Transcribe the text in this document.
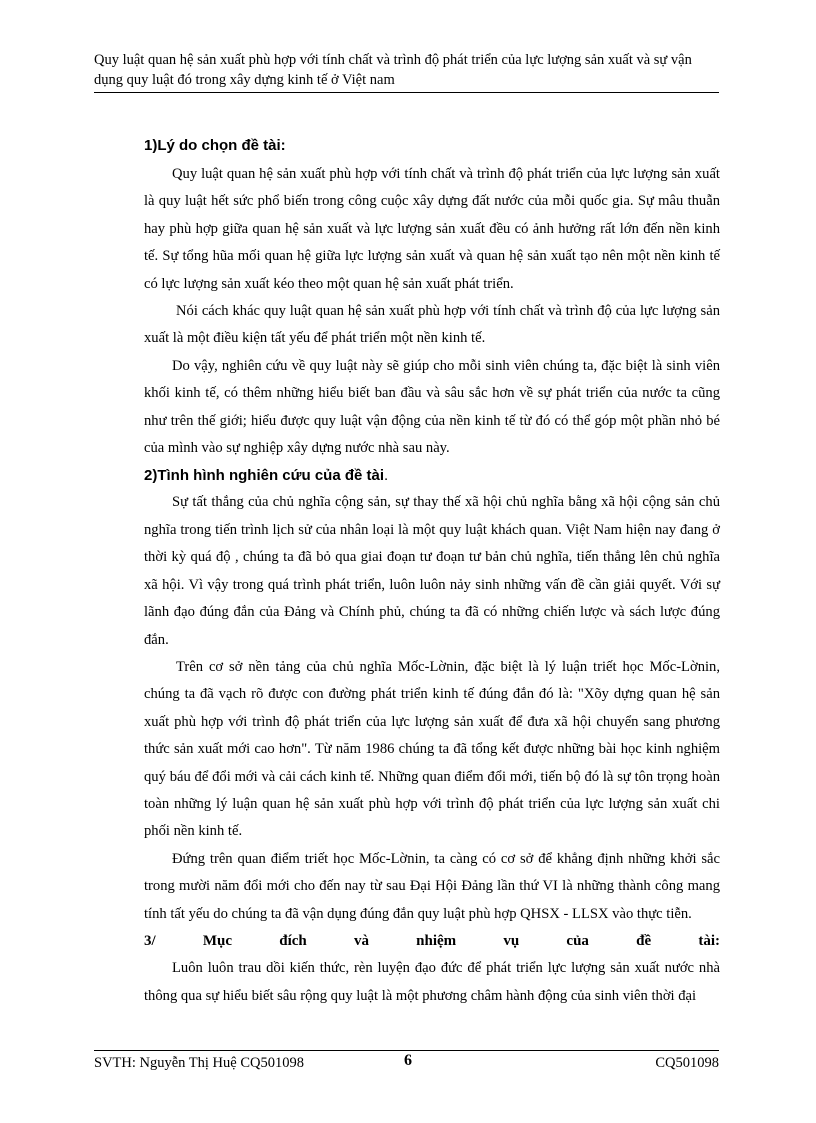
Quy luật quan hệ sản xuất phù hợp với tính chất và trình độ phát triển của lực lượng sản xuất và sự vận dụng quy luật đó trong xây dựng kinh tế ở Việt nam

1)Lý do chọn đề tài:

Quy luật quan hệ sản xuất phù hợp với tính chất và trình độ phát triển của lực lượng sản xuất là quy luật hết sức phổ biến trong công cuộc xây dựng đất nước của mỗi quốc gia. Sự mâu thuẫn hay phù hợp giữa quan hệ sản xuất và lực lượng sản xuất đều có ảnh hưởng rất lớn đến nền kinh tế. Sự tổng hũa mối quan hệ giữa lực lượng sản xuất và quan hệ sản xuất tạo nên một nền kinh tế có lực lượng sản xuất kéo theo một quan hệ sản xuất phát triển.

Nói cách khác quy luật quan hệ sản xuất phù hợp với tính chất và trình độ của lực lượng sản xuất là một điều kiện tất yếu để phát triển một nền kinh tế.

Do vậy, nghiên cứu về quy luật này sẽ giúp cho mỗi sinh viên chúng ta, đặc biệt là sinh viên khối kinh tế, có thêm những hiểu biết ban đầu và sâu sắc hơn về sự phát triển của nước ta cũng như trên thế giới; hiểu được quy luật vận động của nền kinh tế từ đó có thể góp một phần nhỏ bé của mình vào sự nghiệp xây dựng nước nhà sau này.

2)Tình hình nghiên cứu của đề tài.

Sự tất thắng của chủ nghĩa cộng sản, sự thay thế xã hội chủ nghĩa bằng xã hội cộng sản chủ nghĩa trong tiến trình lịch sử của nhân loại là một quy luật khách quan. Việt Nam hiện nay đang ở thời kỳ quá độ , chúng ta đã bỏ qua giai đoạn tư đoạn tư bản chủ nghĩa, tiến thẳng lên chủ nghĩa xã hội. Vì vậy trong quá trình phát triển, luôn luôn nảy sinh những vấn đề cần giải quyết. Với sự lãnh đạo đúng đắn của Đảng và Chính phủ, chúng ta đã có những chiến lược và sách lược đúng đắn.

Trên cơ sở nền tảng của chủ nghĩa Mốc-Lờnin, đặc biệt là lý luận triết học Mốc-Lờnin, chúng ta đã vạch rõ được con đường phát triển kinh tế đúng đắn đó là: "Xõy dựng quan hệ sản xuất phù hợp với trình độ phát triển của lực lượng sản xuất để đưa xã hội chuyển sang phương thức sản xuất mới cao hơn". Từ năm 1986 chúng ta đã tổng kết được những bài học kinh nghiệm quý báu để đổi mới và cải cách kinh tế. Những quan điểm đổi mới, tiến bộ đó là sự tôn trọng hoàn toàn những lý luận quan hệ sản xuất phù hợp với trình độ phát triển của lực lượng sản xuất chi phối nền kinh tế.

Đứng trên quan điểm triết học Mốc-Lờnin, ta càng có cơ sở để khẳng định những khởi sắc trong mười năm đổi mới cho đến nay từ sau Đại Hội Đảng lần thứ VI là những thành công mang tính tất yếu do chúng ta đã vận dụng đúng đắn quy luật phù hợp QHSX - LLSX vào thực tiễn.

3/ Mục đích và nhiệm vụ của đề tài:

Luôn luôn trau dồi kiến thức, rèn luyện đạo đức để phát triển lực lượng sản xuất nước nhà thông qua sự hiểu biết sâu rộng quy luật là một phương châm hành động của sinh viên thời đại

SVTH: Nguyễn Thị Huệ CQ501098	6	CQ501098
